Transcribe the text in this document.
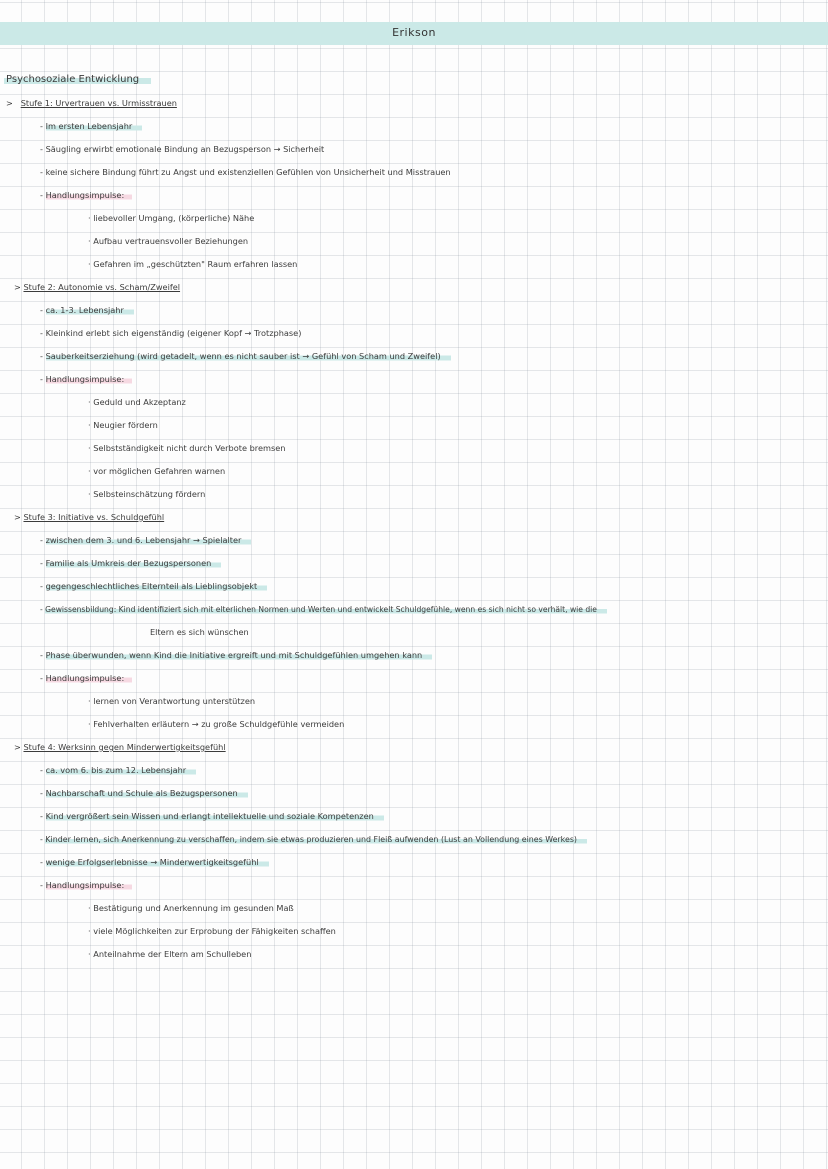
Erikson
Psychosoziale Entwicklung
> Stufe 1: Urvertrauen vs. Urmisstrauen
- Im ersten Lebensjahr
- Säugling erwirbt emotionale Bindung an Bezugsperson → Sicherheit
- keine sichere Bindung führt zu Angst und existenziellen Gefühlen von Unsicherheit und Misstrauen
- Handlungsimpulse:
· liebevoller Umgang, (körperliche) Nähe
· Aufbau vertrauensvoller Beziehungen
· Gefahren im „geschützten" Raum erfahren lassen
> Stufe 2: Autonomie vs. Scham/Zweifel
- ca. 1-3. Lebensjahr
- Kleinkind erlebt sich eigenständig (eigener Kopf → Trotzphase)
- Sauberkeitserziehung (wird getadelt, wenn es nicht sauber ist → Gefühl von Scham und Zweifel)
- Handlungsimpulse:
· Geduld und Akzeptanz
· Neugier fördern
· Selbstständigkeit nicht durch Verbote bremsen
· vor möglichen Gefahren warnen
· Selbsteinschätzung fördern
> Stufe 3: Initiative vs. Schuldgefühl
- zwischen dem 3. und 6. Lebensjahr → Spielalter
- Familie als Umkreis der Bezugspersonen
- gegengeschlechtliches Elternteil als Lieblingsobjekt
- Gewissensbildung: Kind identifiziert sich mit elterlichen Normen und Werten und entwickelt Schuldgefühle, wenn es sich nicht so verhält, wie die
Eltern es sich wünschen
- Phase überwunden, wenn Kind die Initiative ergreift und mit Schuldgefühlen umgehen kann
- Handlungsimpulse:
· lernen von Verantwortung unterstützen
· Fehlverhalten erläutern → zu große Schuldgefühle vermeiden
> Stufe 4: Werksinn gegen Minderwertigkeitsgefühl
- ca. vom 6. bis zum 12. Lebensjahr
- Nachbarschaft und Schule als Bezugspersonen
- Kind vergrößert sein Wissen und erlangt intellektuelle und soziale Kompetenzen
- Kinder lernen, sich Anerkennung zu verschaffen, indem sie etwas produzieren und Fleiß aufwenden (Lust an Vollendung eines Werkes)
- wenige Erfolgserlebnisse → Minderwertigkeitsgefühl
- Handlungsimpulse:
· Bestätigung und Anerkennung im gesunden Maß
· viele Möglichkeiten zur Erprobung der Fähigkeiten schaffen
· Anteilnahme der Eltern am Schulleben
